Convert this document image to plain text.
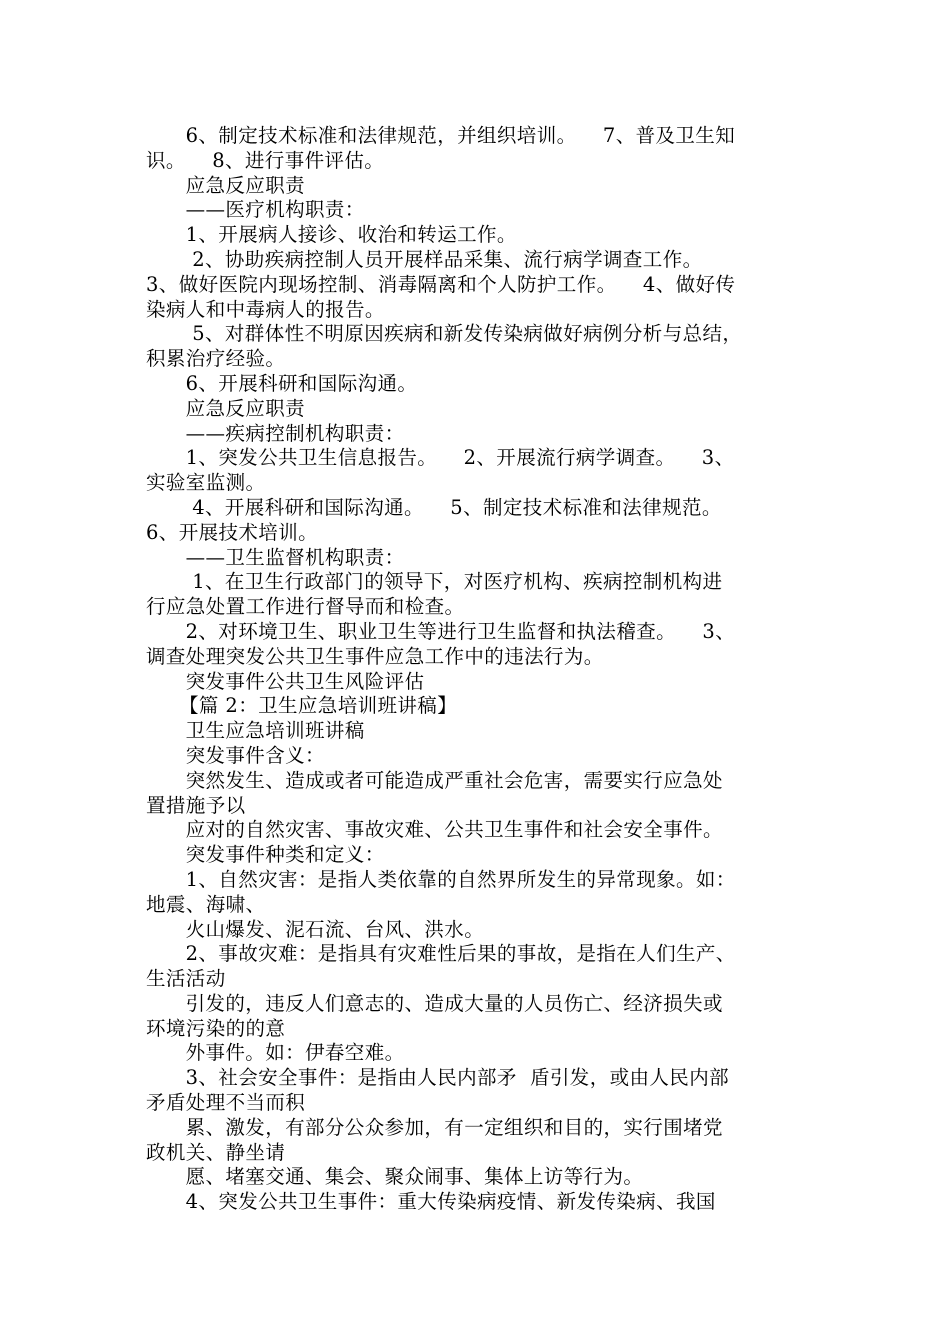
6、制定技术标准和法律规范，并组织培训。    7、普及卫生知
识。    8、进行事件评估。
应急反应职责
——医疗机构职责：
1、开展病人接诊、收治和转运工作。
2、协助疾病控制人员开展样品采集、流行病学调查工作。
3、做好医院内现场控制、消毒隔离和个人防护工作。    4、做好传
染病人和中毒病人的报告。
5、对群体性不明原因疾病和新发传染病做好病例分析与总结，
积累治疗经验。
6、开展科研和国际沟通。
应急反应职责
——疾病控制机构职责：
1、突发公共卫生信息报告。    2、开展流行病学调查。    3、
实验室监测。
4、开展科研和国际沟通。    5、制定技术标准和法律规范。
6、开展技术培训。
——卫生监督机构职责：
1、在卫生行政部门的领导下，对医疗机构、疾病控制机构进
行应急处置工作进行督导而和检查。
2、对环境卫生、职业卫生等进行卫生监督和执法稽查。    3、
调查处理突发公共卫生事件应急工作中的违法行为。
突发事件公共卫生风险评估
【篇 2：卫生应急培训班讲稿】
卫生应急培训班讲稿
突发事件含义：
突然发生、造成或者可能造成严重社会危害，需要实行应急处
置措施予以
应对的自然灾害、事故灾难、公共卫生事件和社会安全事件。
突发事件种类和定义：
1、自然灾害：是指人类依靠的自然界所发生的异常现象。如：
地震、海啸、
火山爆发、泥石流、台风、洪水。
2、事故灾难：是指具有灾难性后果的事故，是指在人们生产、
生活活动
引发的，违反人们意志的、造成大量的人员伤亡、经济损失或
环境污染的的意
外事件。如：伊春空难。
3、社会安全事件：是指由人民内部矛  盾引发，或由人民内部
矛盾处理不当而积
累、激发，有部分公众参加，有一定组织和目的，实行围堵党
政机关、静坐请
愿、堵塞交通、集会、聚众闹事、集体上访等行为。
4、突发公共卫生事件：重大传染病疫情、新发传染病、我国
